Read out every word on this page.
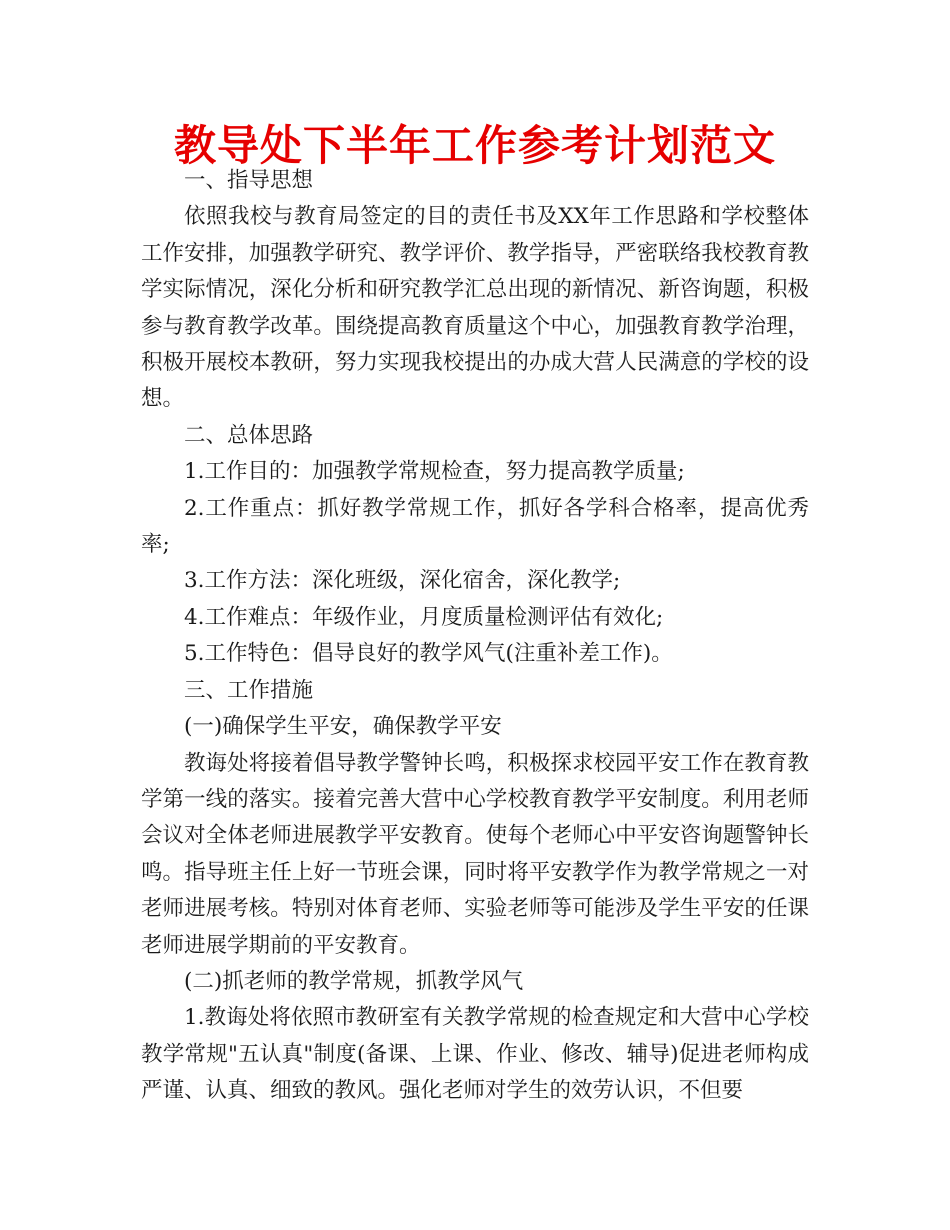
教导处下半年工作参考计划范文

一、指导思想

依照我校与教育局签定的目的责任书及XX年工作思路和学校整体工作安排，加强教学研究、教学评价、教学指导，严密联络我校教育教学实际情况，深化分析和研究教学汇总出现的新情况、新咨询题，积极参与教育教学改革。围绕提高教育质量这个中心，加强教育教学治理，积极开展校本教研，努力实现我校提出的办成大营人民满意的学校的设想。

二、总体思路

1.工作目的：加强教学常规检查，努力提高教学质量;

2.工作重点：抓好教学常规工作，抓好各学科合格率，提高优秀率;

3.工作方法：深化班级，深化宿舍，深化教学;

4.工作难点：年级作业，月度质量检测评估有效化;

5.工作特色：倡导良好的教学风气(注重补差工作)。

三、工作措施

(一)确保学生平安，确保教学平安

教诲处将接着倡导教学警钟长鸣，积极探求校园平安工作在教育教学第一线的落实。接着完善大营中心学校教育教学平安制度。利用老师会议对全体老师进展教学平安教育。使每个老师心中平安咨询题警钟长鸣。指导班主任上好一节班会课，同时将平安教学作为教学常规之一对老师进展考核。特别对体育老师、实验老师等可能涉及学生平安的任课老师进展学期前的平安教育。

(二)抓老师的教学常规，抓教学风气

1.教诲处将依照市教研室有关教学常规的检查规定和大营中心学校教学常规"五认真"制度(备课、上课、作业、修改、辅导)促进老师构成严谨、认真、细致的教风。强化老师对学生的效劳认识，不但要
